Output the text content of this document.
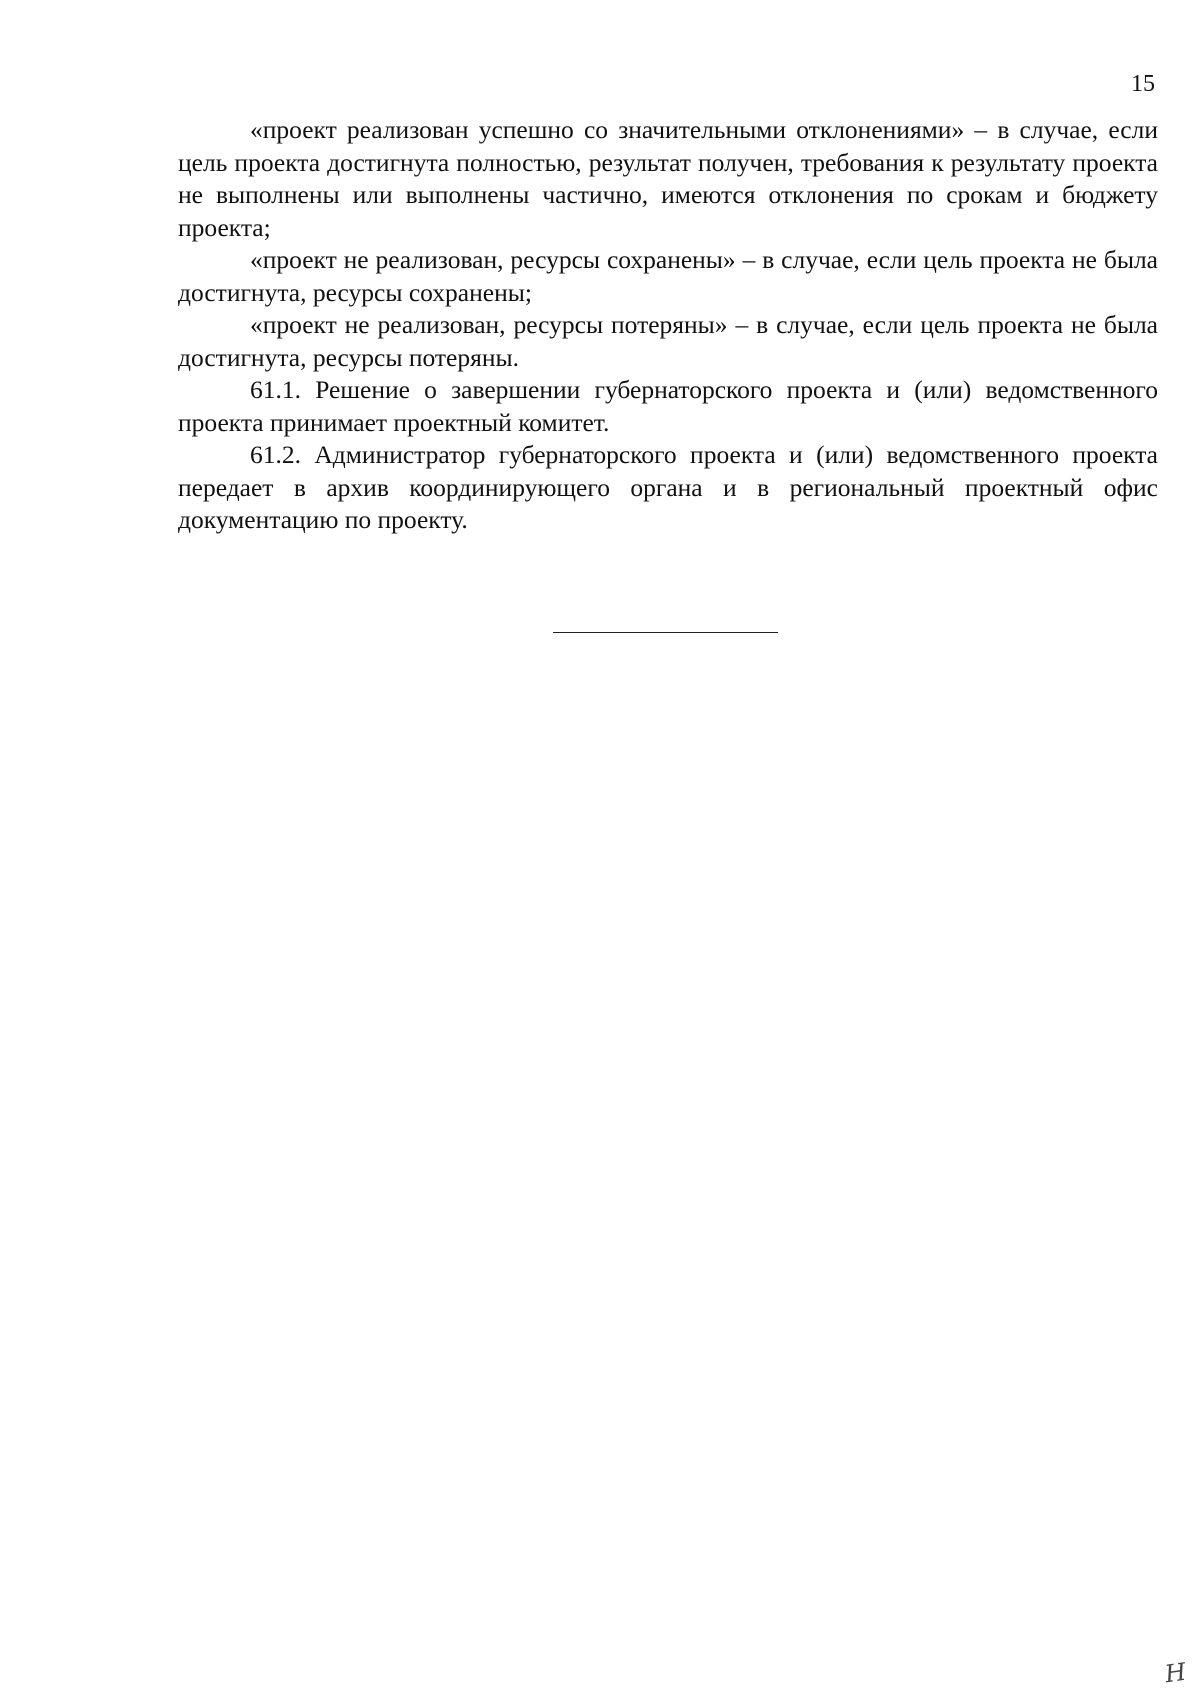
15

«проект реализован успешно со значительными отклонениями» – в случае, если цель проекта достигнута полностью, результат получен, требования к результату проекта не выполнены или выполнены частично, имеются отклонения по срокам и бюджету проекта;

«проект не реализован, ресурсы сохранены» – в случае, если цель проекта не была достигнута, ресурсы сохранены;

«проект не реализован, ресурсы потеряны» – в случае, если цель проекта не была достигнута, ресурсы потеряны.

61.1. Решение о завершении губернаторского проекта и (или) ведомственного проекта принимает проектный комитет.

61.2. Администратор губернаторского проекта и (или) ведомственного проекта передает в архив координирующего органа и в региональный проектный офис документацию по проекту.

Н
